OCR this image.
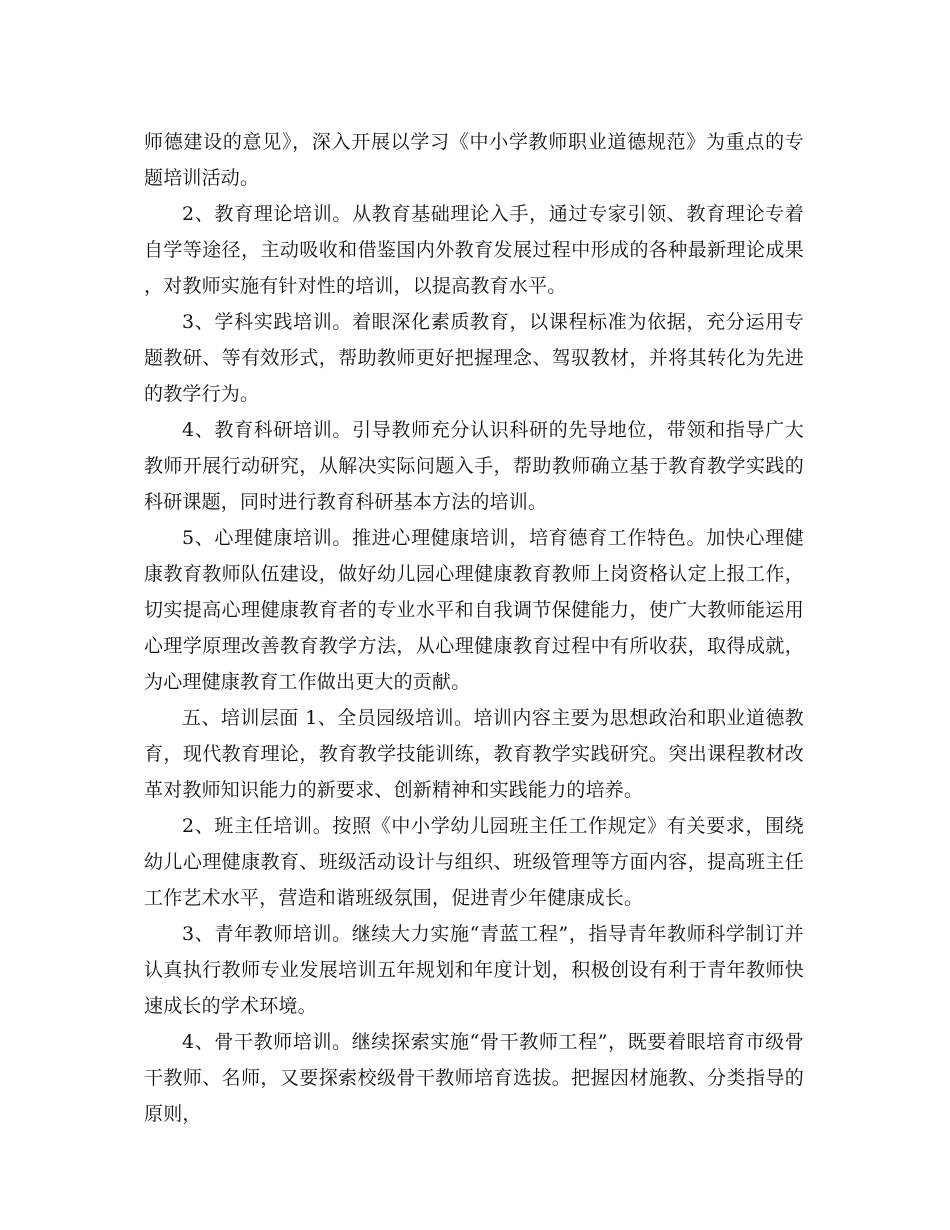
师德建设的意见》，深入开展以学习《中小学教师职业道德规范》为重点的专题培训活动。

2、教育理论培训。从教育基础理论入手，通过专家引领、教育理论专着自学等途径，主动吸收和借鉴国内外教育发展过程中形成的各种最新理论成果，对教师实施有针对性的培训，以提高教育水平。

3、学科实践培训。着眼深化素质教育，以课程标准为依据，充分运用专题教研、等有效形式，帮助教师更好把握理念、驾驭教材，并将其转化为先进的教学行为。

4、教育科研培训。引导教师充分认识科研的先导地位，带领和指导广大教师开展行动研究，从解决实际问题入手，帮助教师确立基于教育教学实践的科研课题，同时进行教育科研基本方法的培训。

5、心理健康培训。推进心理健康培训，培育德育工作特色。加快心理健康教育教师队伍建设，做好幼儿园心理健康教育教师上岗资格认定上报工作，切实提高心理健康教育者的专业水平和自我调节保健能力，使广大教师能运用心理学原理改善教育教学方法，从心理健康教育过程中有所收获，取得成就，为心理健康教育工作做出更大的贡献。

五、培训层面 1、全员园级培训。培训内容主要为思想政治和职业道德教育，现代教育理论，教育教学技能训练，教育教学实践研究。突出课程教材改革对教师知识能力的新要求、创新精神和实践能力的培养。

2、班主任培训。按照《中小学幼儿园班主任工作规定》有关要求，围绕幼儿心理健康教育、班级活动设计与组织、班级管理等方面内容，提高班主任工作艺术水平，营造和谐班级氛围，促进青少年健康成长。

3、青年教师培训。继续大力实施“青蓝工程”，指导青年教师科学制订并认真执行教师专业发展培训五年规划和年度计划，积极创设有利于青年教师快速成长的学术环境。

4、骨干教师培训。继续探索实施“骨干教师工程”，既要着眼培育市级骨干教师、名师，又要探索校级骨干教师培育选拔。把握因材施教、分类指导的原则，
